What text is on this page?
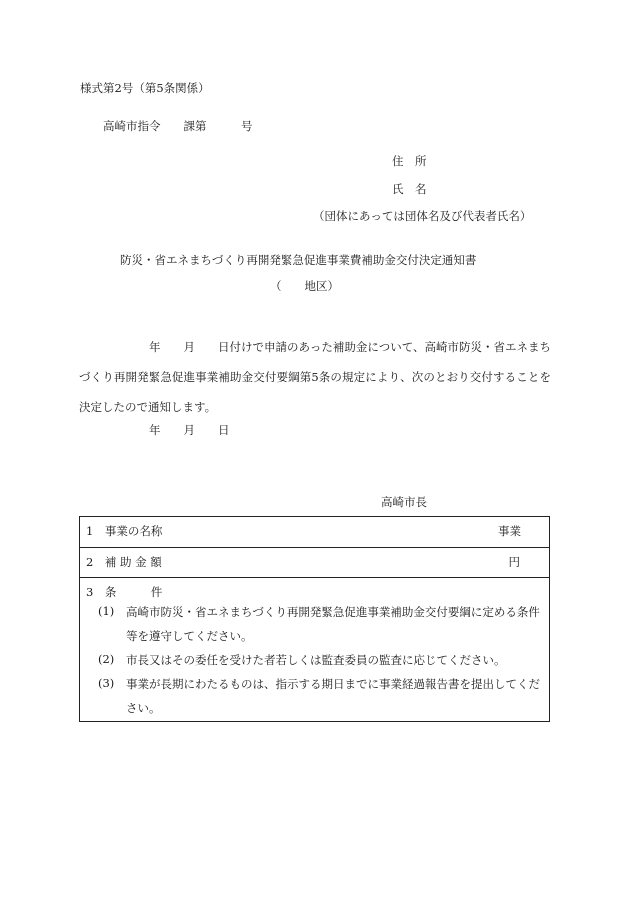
様式第2号（第5条関係）
高崎市指令　　課第　　　号
住　所
氏　名
（団体にあっては団体名及び代表者氏名）
防災・省エネまちづくり再開発緊急促進事業費補助金交付決定通知書
（　　地区）
年　　月　　日付けで申請のあった補助金について、高崎市防災・省エネまちづくり再開発緊急促進事業補助金交付要綱第5条の規定により、次のとおり交付することを決定したので通知します。
年　　月　　日
高崎市長
1　事業の名称	事業
2　補 助 金 額	円
3　条　　　件
(1) 高崎市防災・省エネまちづくり再開発緊急促進事業補助金交付要綱に定める条件等を遵守してください。
(2) 市長又はその委任を受けた者若しくは監査委員の監査に応じてください。
(3) 事業が長期にわたるものは、指示する期日までに事業経過報告書を提出してください。
